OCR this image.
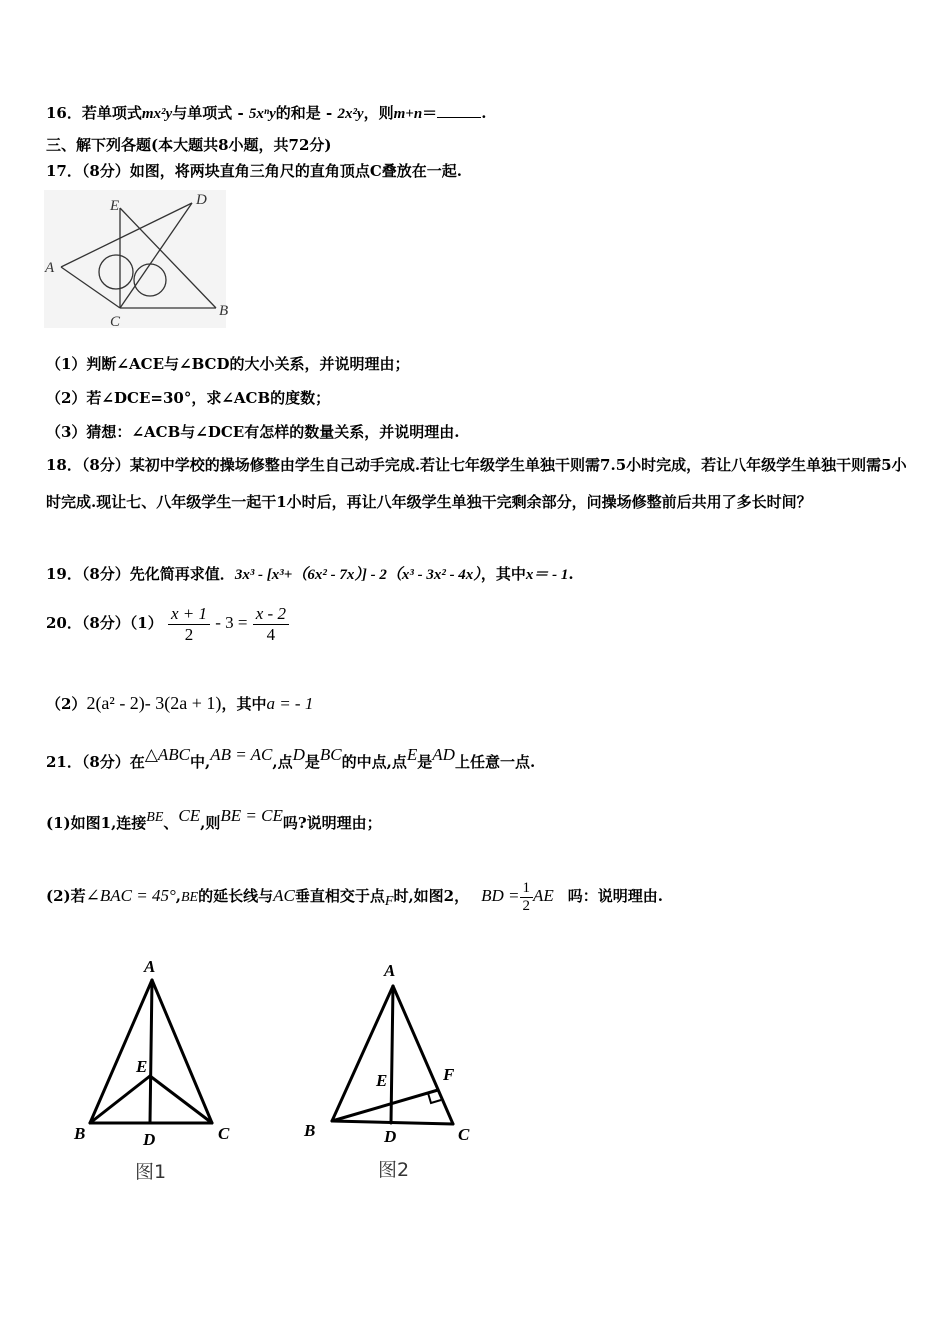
16．若单项式mx²y与单项式 - 5xⁿy的和是 - 2x²y，则m+n＝	.
三、解下列各题(本大题共8小题，共72分)
17．（8分）如图，将两块直角三角尺的直角顶点C叠放在一起.
A
B
C
D
E
（1）判断∠ACE与∠BCD的大小关系，并说明理由；
（2）若∠DCE=30°，求∠ACB的度数；
（3）猜想：∠ACB与∠DCE有怎样的数量关系，并说明理由.
18．（8分）某初中学校的操场修整由学生自己动手完成.若让七年级学生单独干则需7.5小时完成，若让八年级学生单独干则需5小时完成.现让七、八年级学生一起干1小时后，再让八年级学生单独干完剩余部分，问操场修整前后共用了多长时间？
19．（8分）先化简再求值．3x³ - [x³+（6x² - 7x）] - 2（x³ - 3x² - 4x），其中x＝ - 1.
20．（8分）$(1) \frac{x + 1}{2} - 3 = \frac{x - 2}{4}$
（2）2(a² - 2)- 3(2a + 1)，其中a = - 1
21．（8分）在△ABC中,AB = AC,点D是BC的中点,点E是AD上任意一点.
(1)如图1,连接BE、CE,则BE = CE吗?说明理由；
(2)若∠BAC = 45°,BE的延长线与AC垂直相交于点F时,如图2， BD = $\frac{1}{2}$ AE 吗：说明理由.
A
B	C
D
E
图1
A
B	C
D
E	F
图2
